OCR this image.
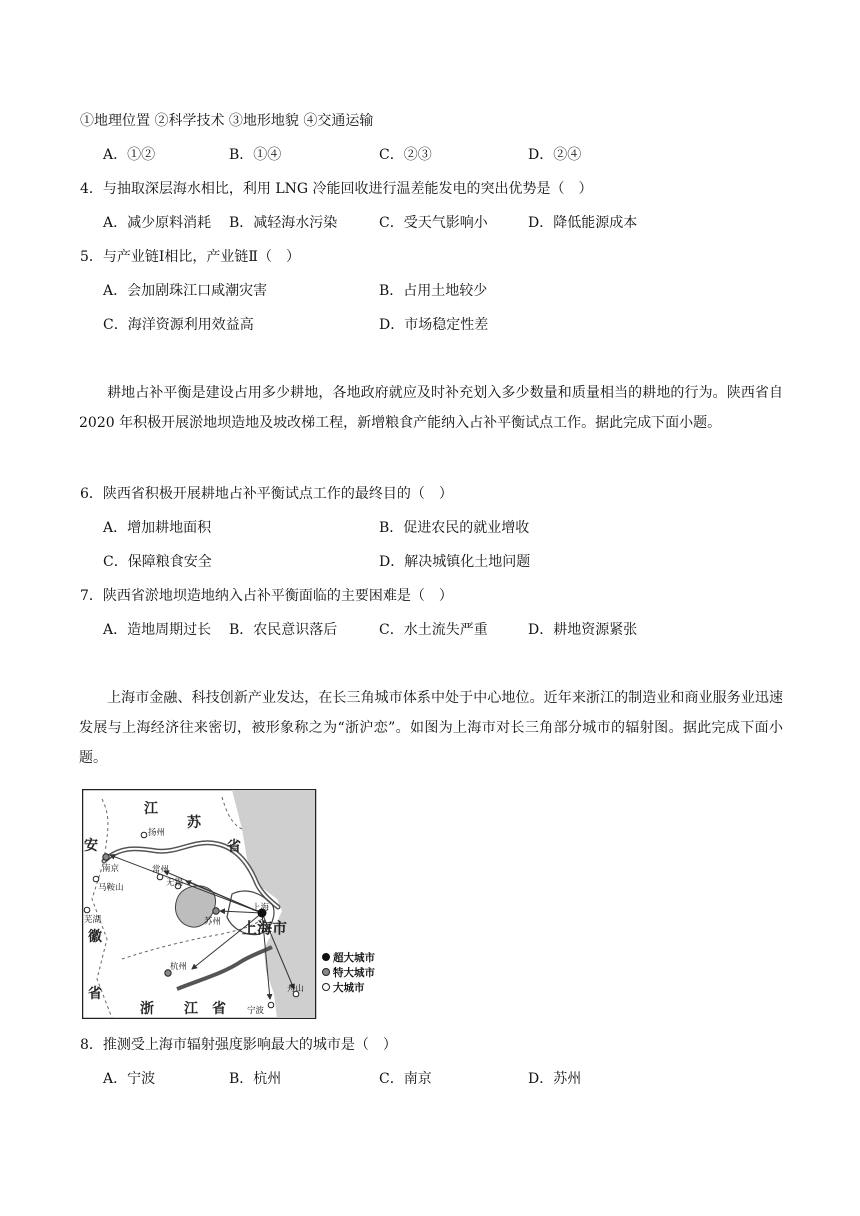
①地理位置 ②科学技术 ③地形地貌 ④交通运输
A．①②	B．①④	C．②③	D．②④
4．与抽取深层海水相比，利用 LNG 冷能回收进行温差能发电的突出优势是（　）
A．减少原料消耗 B．减轻海水污染	C．受天气影响小	D．降低能源成本
5．与产业链Ⅰ相比，产业链Ⅱ（　）
A．会加剧珠江口咸潮灾害	B．占用土地较少
C．海洋资源利用效益高	D．市场稳定性差
耕地占补平衡是建设占用多少耕地，各地政府就应及时补充划入多少数量和质量相当的耕地的行为。陕西省自 2020 年积极开展淤地坝造地及坡改梯工程，新增粮食产能纳入占补平衡试点工作。据此完成下面小题。
6．陕西省积极开展耕地占补平衡试点工作的最终目的（　）
A．增加耕地面积	B．促进农民的就业增收
C．保障粮食安全	D．解决城镇化土地问题
7．陕西省淤地坝造地纳入占补平衡面临的主要困难是（　）
A．造地周期过长 B．农民意识落后	C．水土流失严重	D．耕地资源紧张
上海市金融、科技创新产业发达，在长三角城市体系中处于中心地位。近年来浙江的制造业和商业服务业迅速发展与上海经济往来密切，被形象称之为“浙沪恋”。如图为上海市对长三角部分城市的辐射图。据此完成下面小题。
江
苏
省
安
徽
省
浙 江 省
上海市
扬州
南京
马鞍山
芜湖
常州
无锡
苏州
上海
杭州
宁波
舟山
超大城市
特大城市
大城市
8．推测受上海市辐射强度影响最大的城市是（　）
A．宁波	B．杭州	C．南京	D．苏州
